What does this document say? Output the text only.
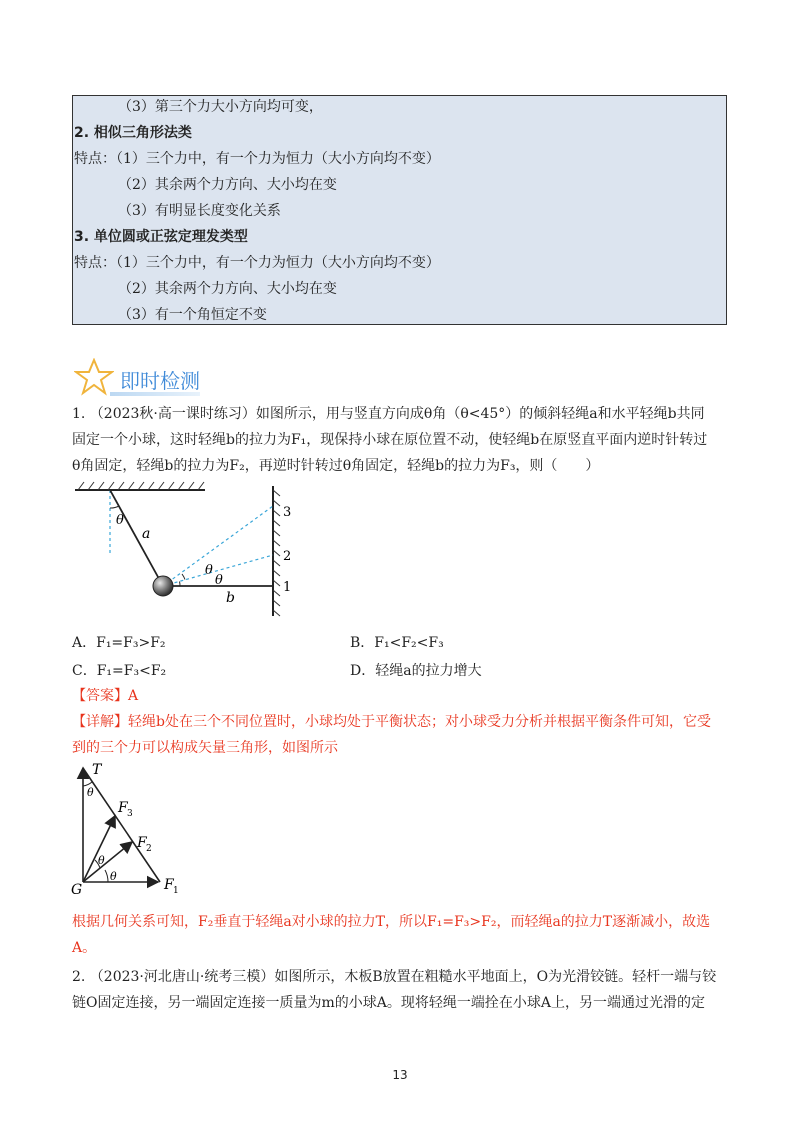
（3）第三个力大小方向均可变，
2. 相似三角形法类
特点：（1）三个力中，有一个力为恒力（大小方向均不变）
（2）其余两个力方向、大小均在变
（3）有明显长度变化关系
3. 单位圆或正弦定理发类型
特点：（1）三个力中，有一个力为恒力（大小方向均不变）
（2）其余两个力方向、大小均在变
（3）有一个角恒定不变
即时检测
1. （2023秋·高一课时练习）如图所示，用与竖直方向成θ角（θ<45°）的倾斜轻绳a和水平轻绳b共同
固定一个小球，这时轻绳b的拉力为F₁，现保持小球在原位置不动，使轻绳b在原竖直平面内逆时针转过
θ角固定，轻绳b的拉力为F₂，再逆时针转过θ角固定，轻绳b的拉力为F₃，则（　　）
θ
a
b
θ
θ	1
2
3
A．F₁=F₃>F₂	B．F₁<F₂<F₃
C．F₁=F₃<F₂	D．轻绳a的拉力增大
【答案】A
【详解】轻绳b处在三个不同位置时，小球均处于平衡状态；对小球受力分析并根据平衡条件可知，它受
到的三个力可以构成矢量三角形，如图所示
T
θ
F 3
F 2
θ
θ
F 1
G
根据几何关系可知，F₂垂直于轻绳a对小球的拉力T，所以F₁=F₃>F₂，而轻绳a的拉力T逐渐减小，故选
A。
2. （2023·河北唐山·统考三模）如图所示，木板B放置在粗糙水平地面上，O为光滑铰链。轻杆一端与铰
链O固定连接，另一端固定连接一质量为m的小球A。现将轻绳一端拴在小球A上，另一端通过光滑的定
13
